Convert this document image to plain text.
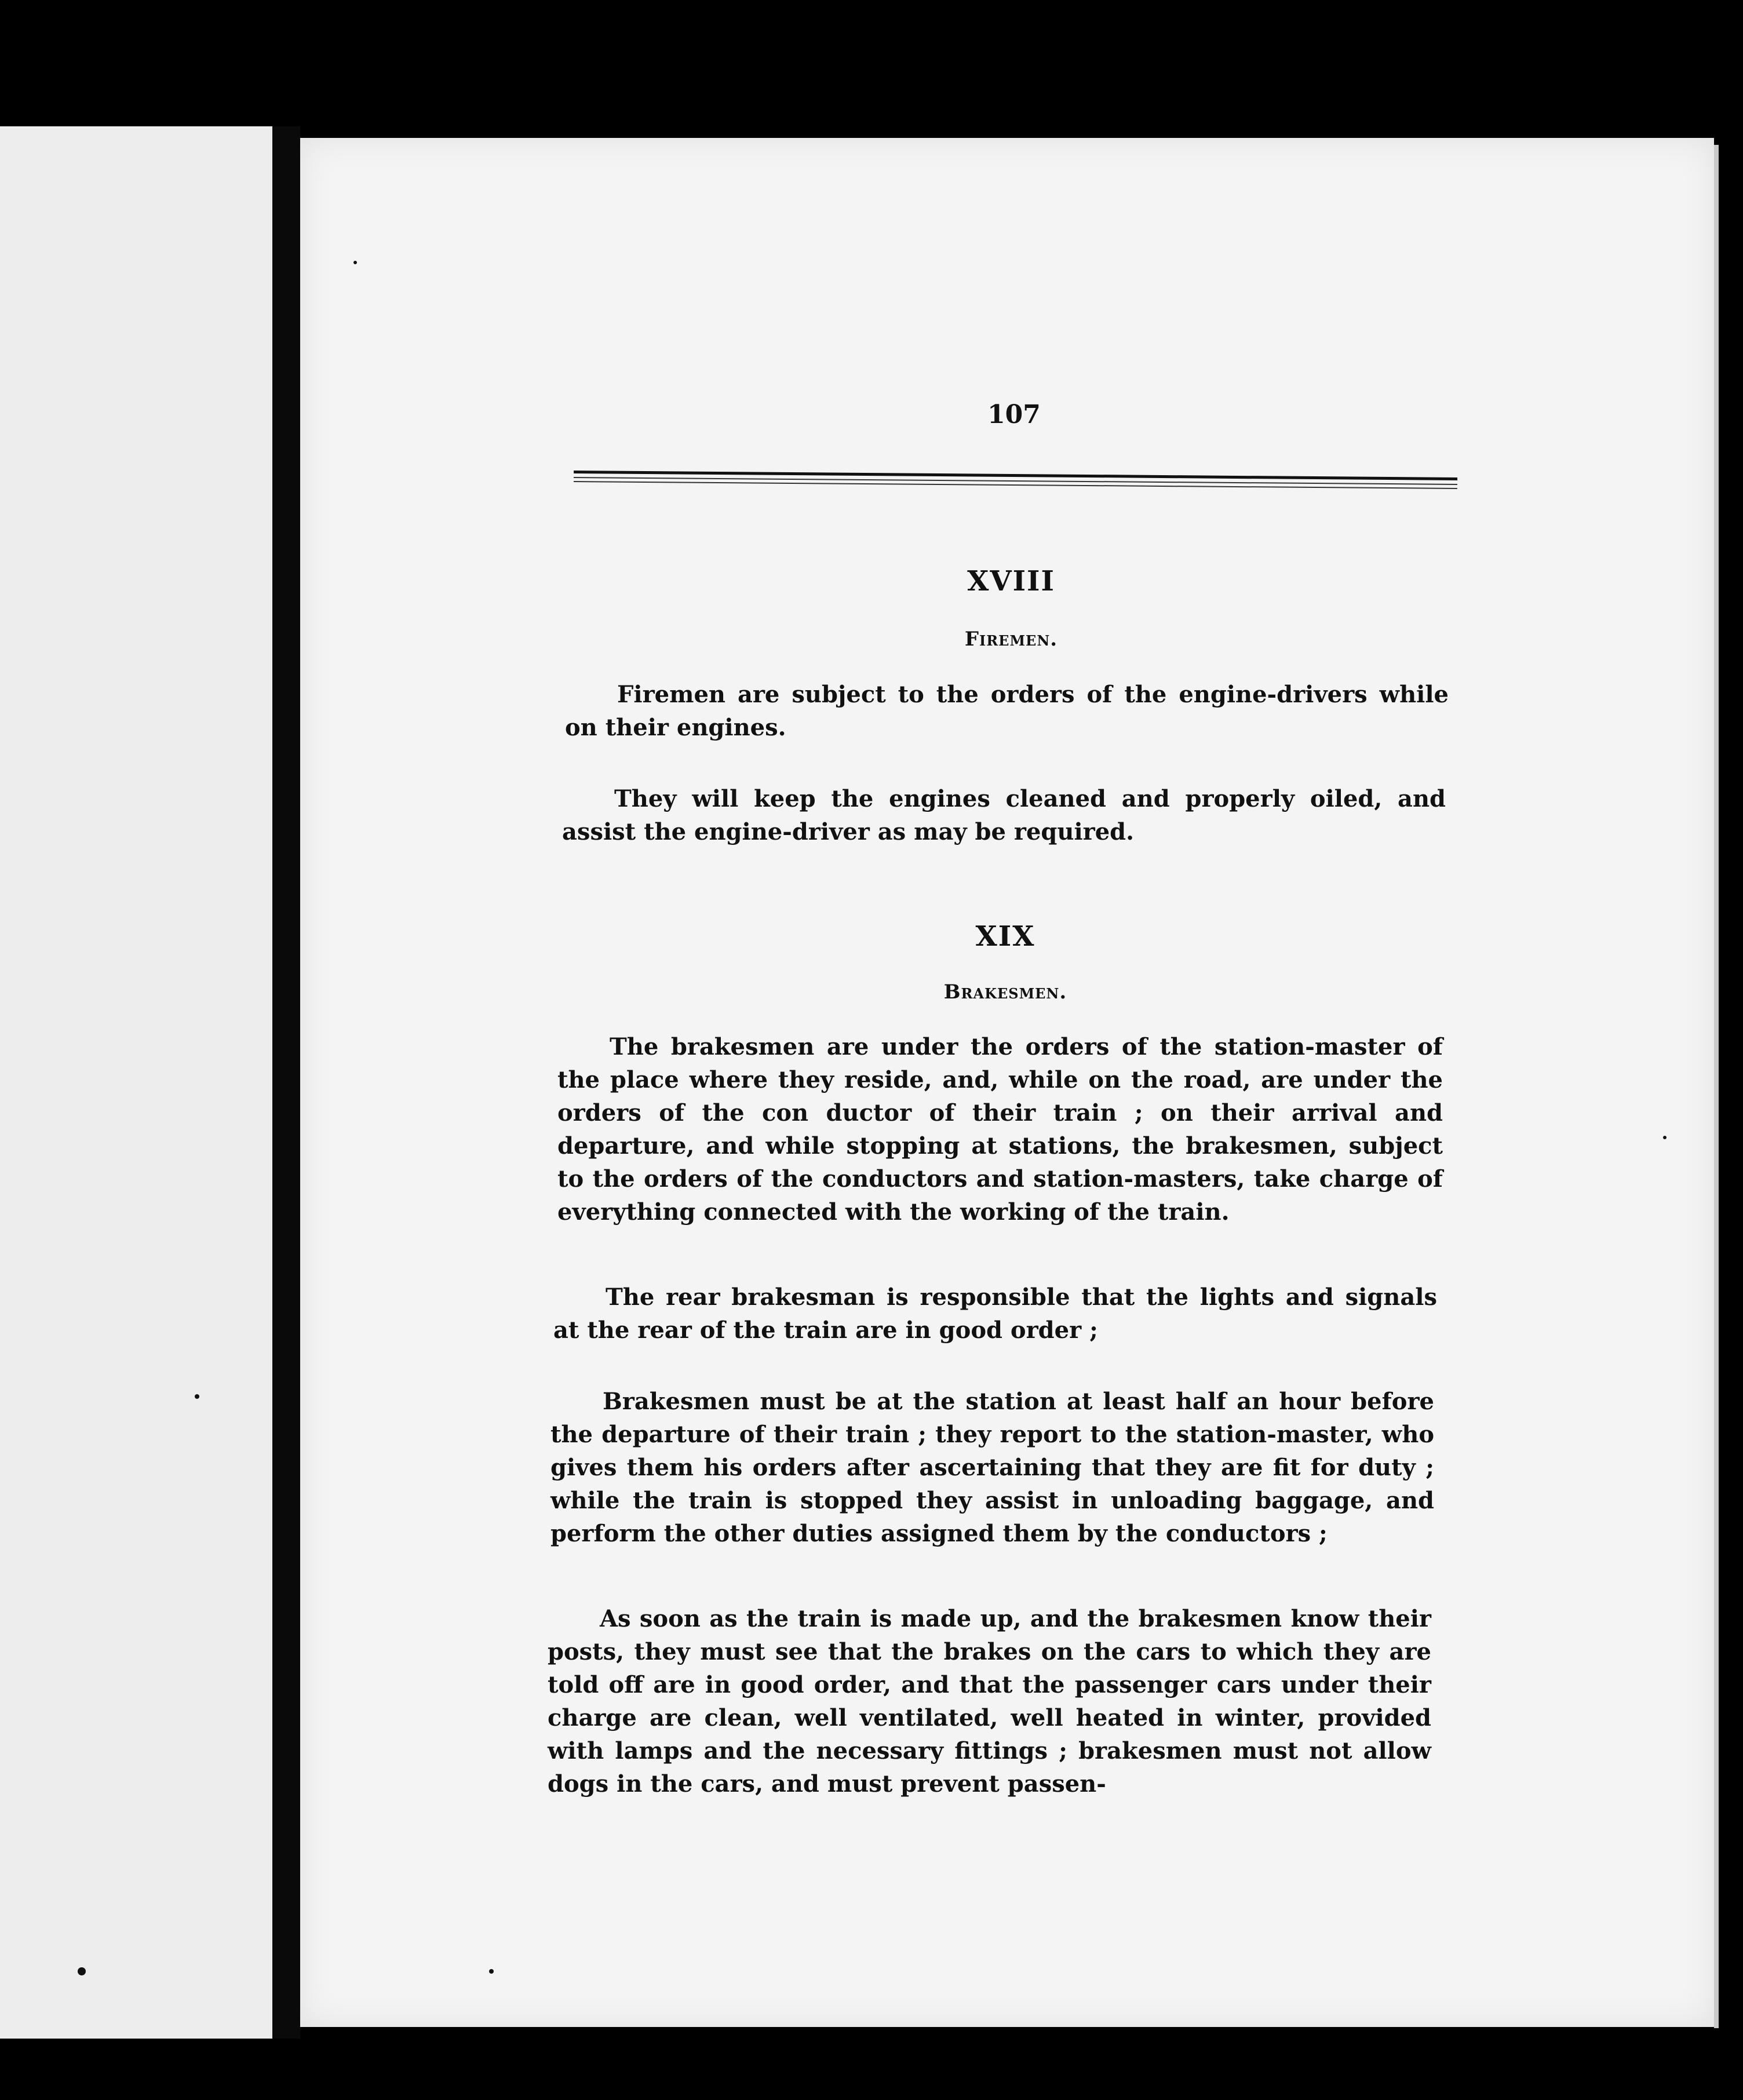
107
XVIII
Firemen.
Firemen are subject to the orders of the engine-drivers while on their engines.
They will keep the engines cleaned and properly oiled, and assist the engine-driver as may be required.
XIX
Brakesmen.
The brakesmen are under the orders of the station-master of the place where they reside, and, while on the road, are under the orders of the con ductor of their train ; on their arrival and departure, and while stopping at stations, the brakesmen, subject to the orders of the conductors and station-masters, take charge of everything connected with the working of the train.
The rear brakesman is responsible that the lights and signals at the rear of the train are in good order ;
Brakesmen must be at the station at least half an hour before the departure of their train ; they report to the station-master, who gives them his orders after ascertaining that they are fit for duty ; while the train is stopped they assist in unloading baggage, and perform the other duties assigned them by the conductors ;
As soon as the train is made up, and the brakesmen know their posts, they must see that the brakes on the cars to which they are told off are in good order, and that the passenger cars under their charge are clean, well ventilated, well heated in winter, provided with lamps and the necessary fittings ; brakesmen must not allow dogs in the cars, and must prevent passen-
